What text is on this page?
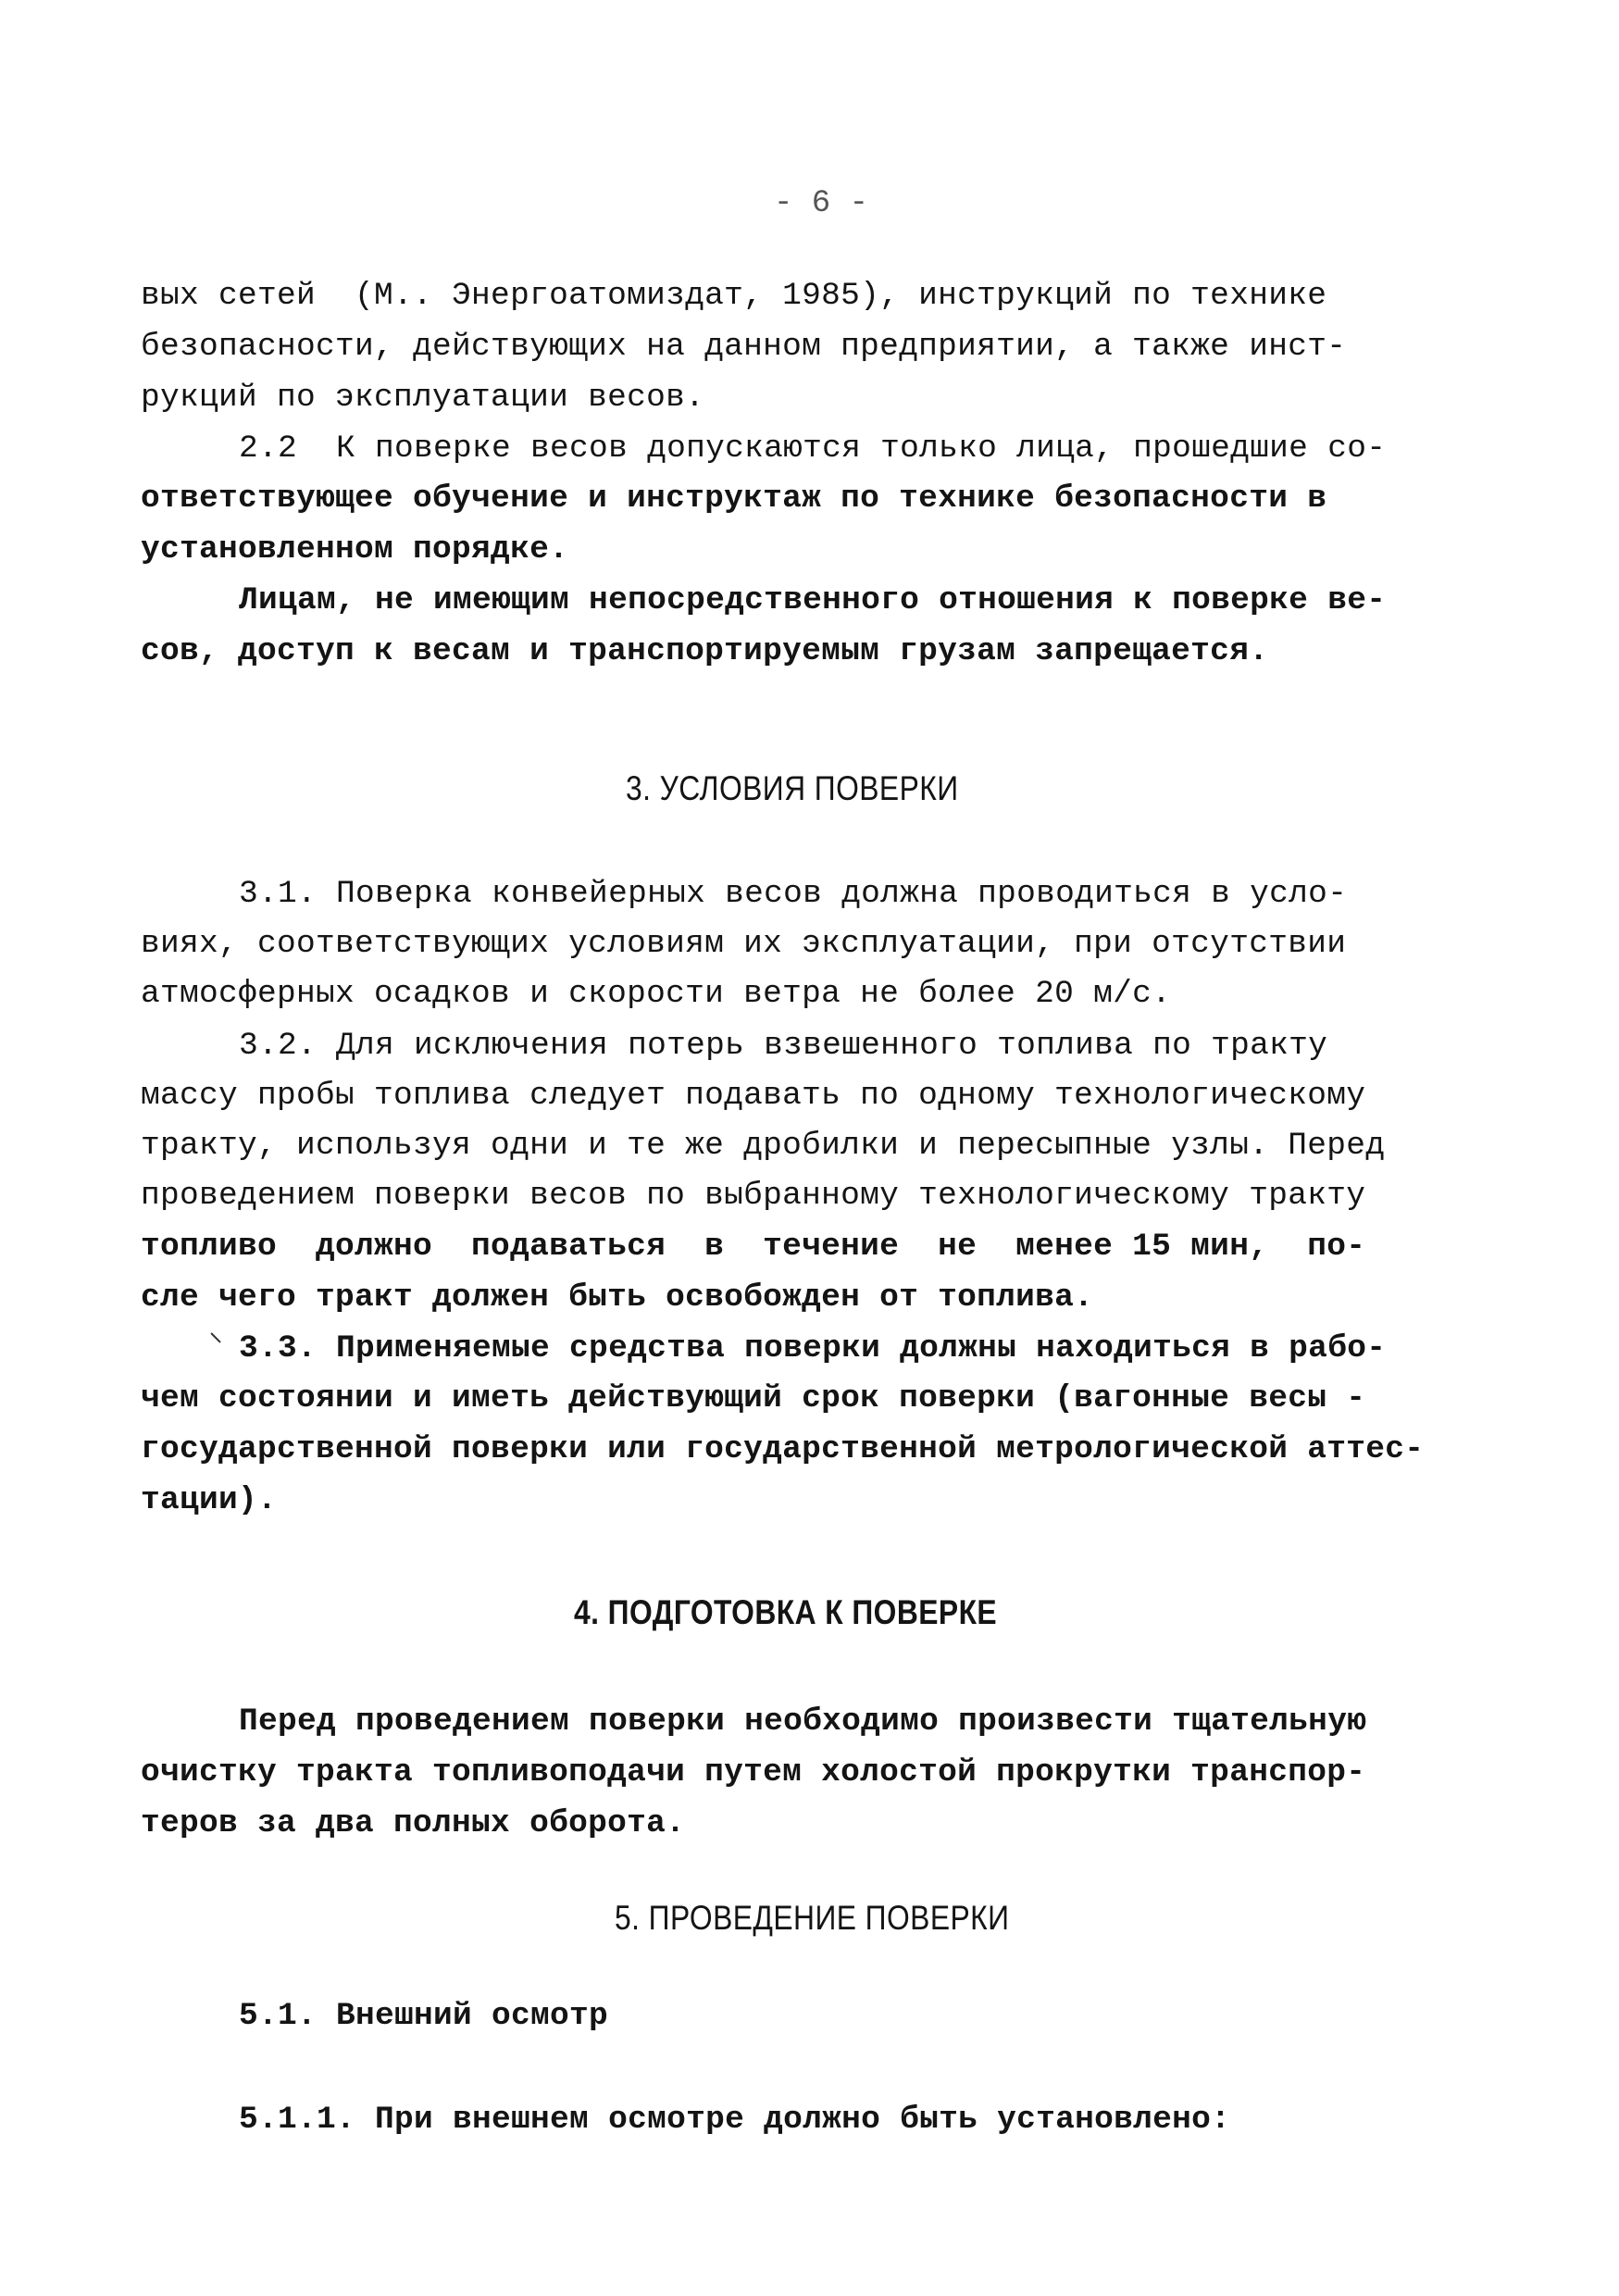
- 6 -
вых сетей  (М.. Энергоатомиздат, 1985), инструкций по технике
безопасности, действующих на данном предприятии, а также инст-
рукций по эксплуатации весов.
2.2  К поверке весов допускаются только лица, прошедшие со-
ответствующее обучение и инструктаж по технике безопасности в
установленном порядке.
Лицам, не имеющим непосредственного отношения к поверке ве-
сов, доступ к весам и транспортируемым грузам запрещается.
3. УСЛОВИЯ ПОВЕРКИ
3.1. Поверка конвейерных весов должна проводиться в усло-
виях, соответствующих условиям их эксплуатации, при отсутствии
атмосферных осадков и скорости ветра не более 20 м/с.
3.2. Для исключения потерь взвешенного топлива по тракту
массу пробы топлива следует подавать по одному технологическому
тракту, используя одни и те же дробилки и пересыпные узлы. Перед
проведением поверки весов по выбранному технологическому тракту
топливо  должно  подаваться  в  течение  не  менее 15 мин,  по-
сле чего тракт должен быть освобожден от топлива.
3.3. Применяемые средства поверки должны находиться в рабо-
чем состоянии и иметь действующий срок поверки (вагонные весы -
государственной поверки или государственной метрологической аттес-
тации).
4. ПОДГОТОВКА К ПОВЕРКЕ
Перед проведением поверки необходимо произвести тщательную
очистку тракта топливоподачи путем холостой прокрутки транспор-
теров за два полных оборота.
5. ПРОВЕДЕНИЕ ПОВЕРКИ
5.1. Внешний осмотр
5.1.1. При внешнем осмотре должно быть установлено:
